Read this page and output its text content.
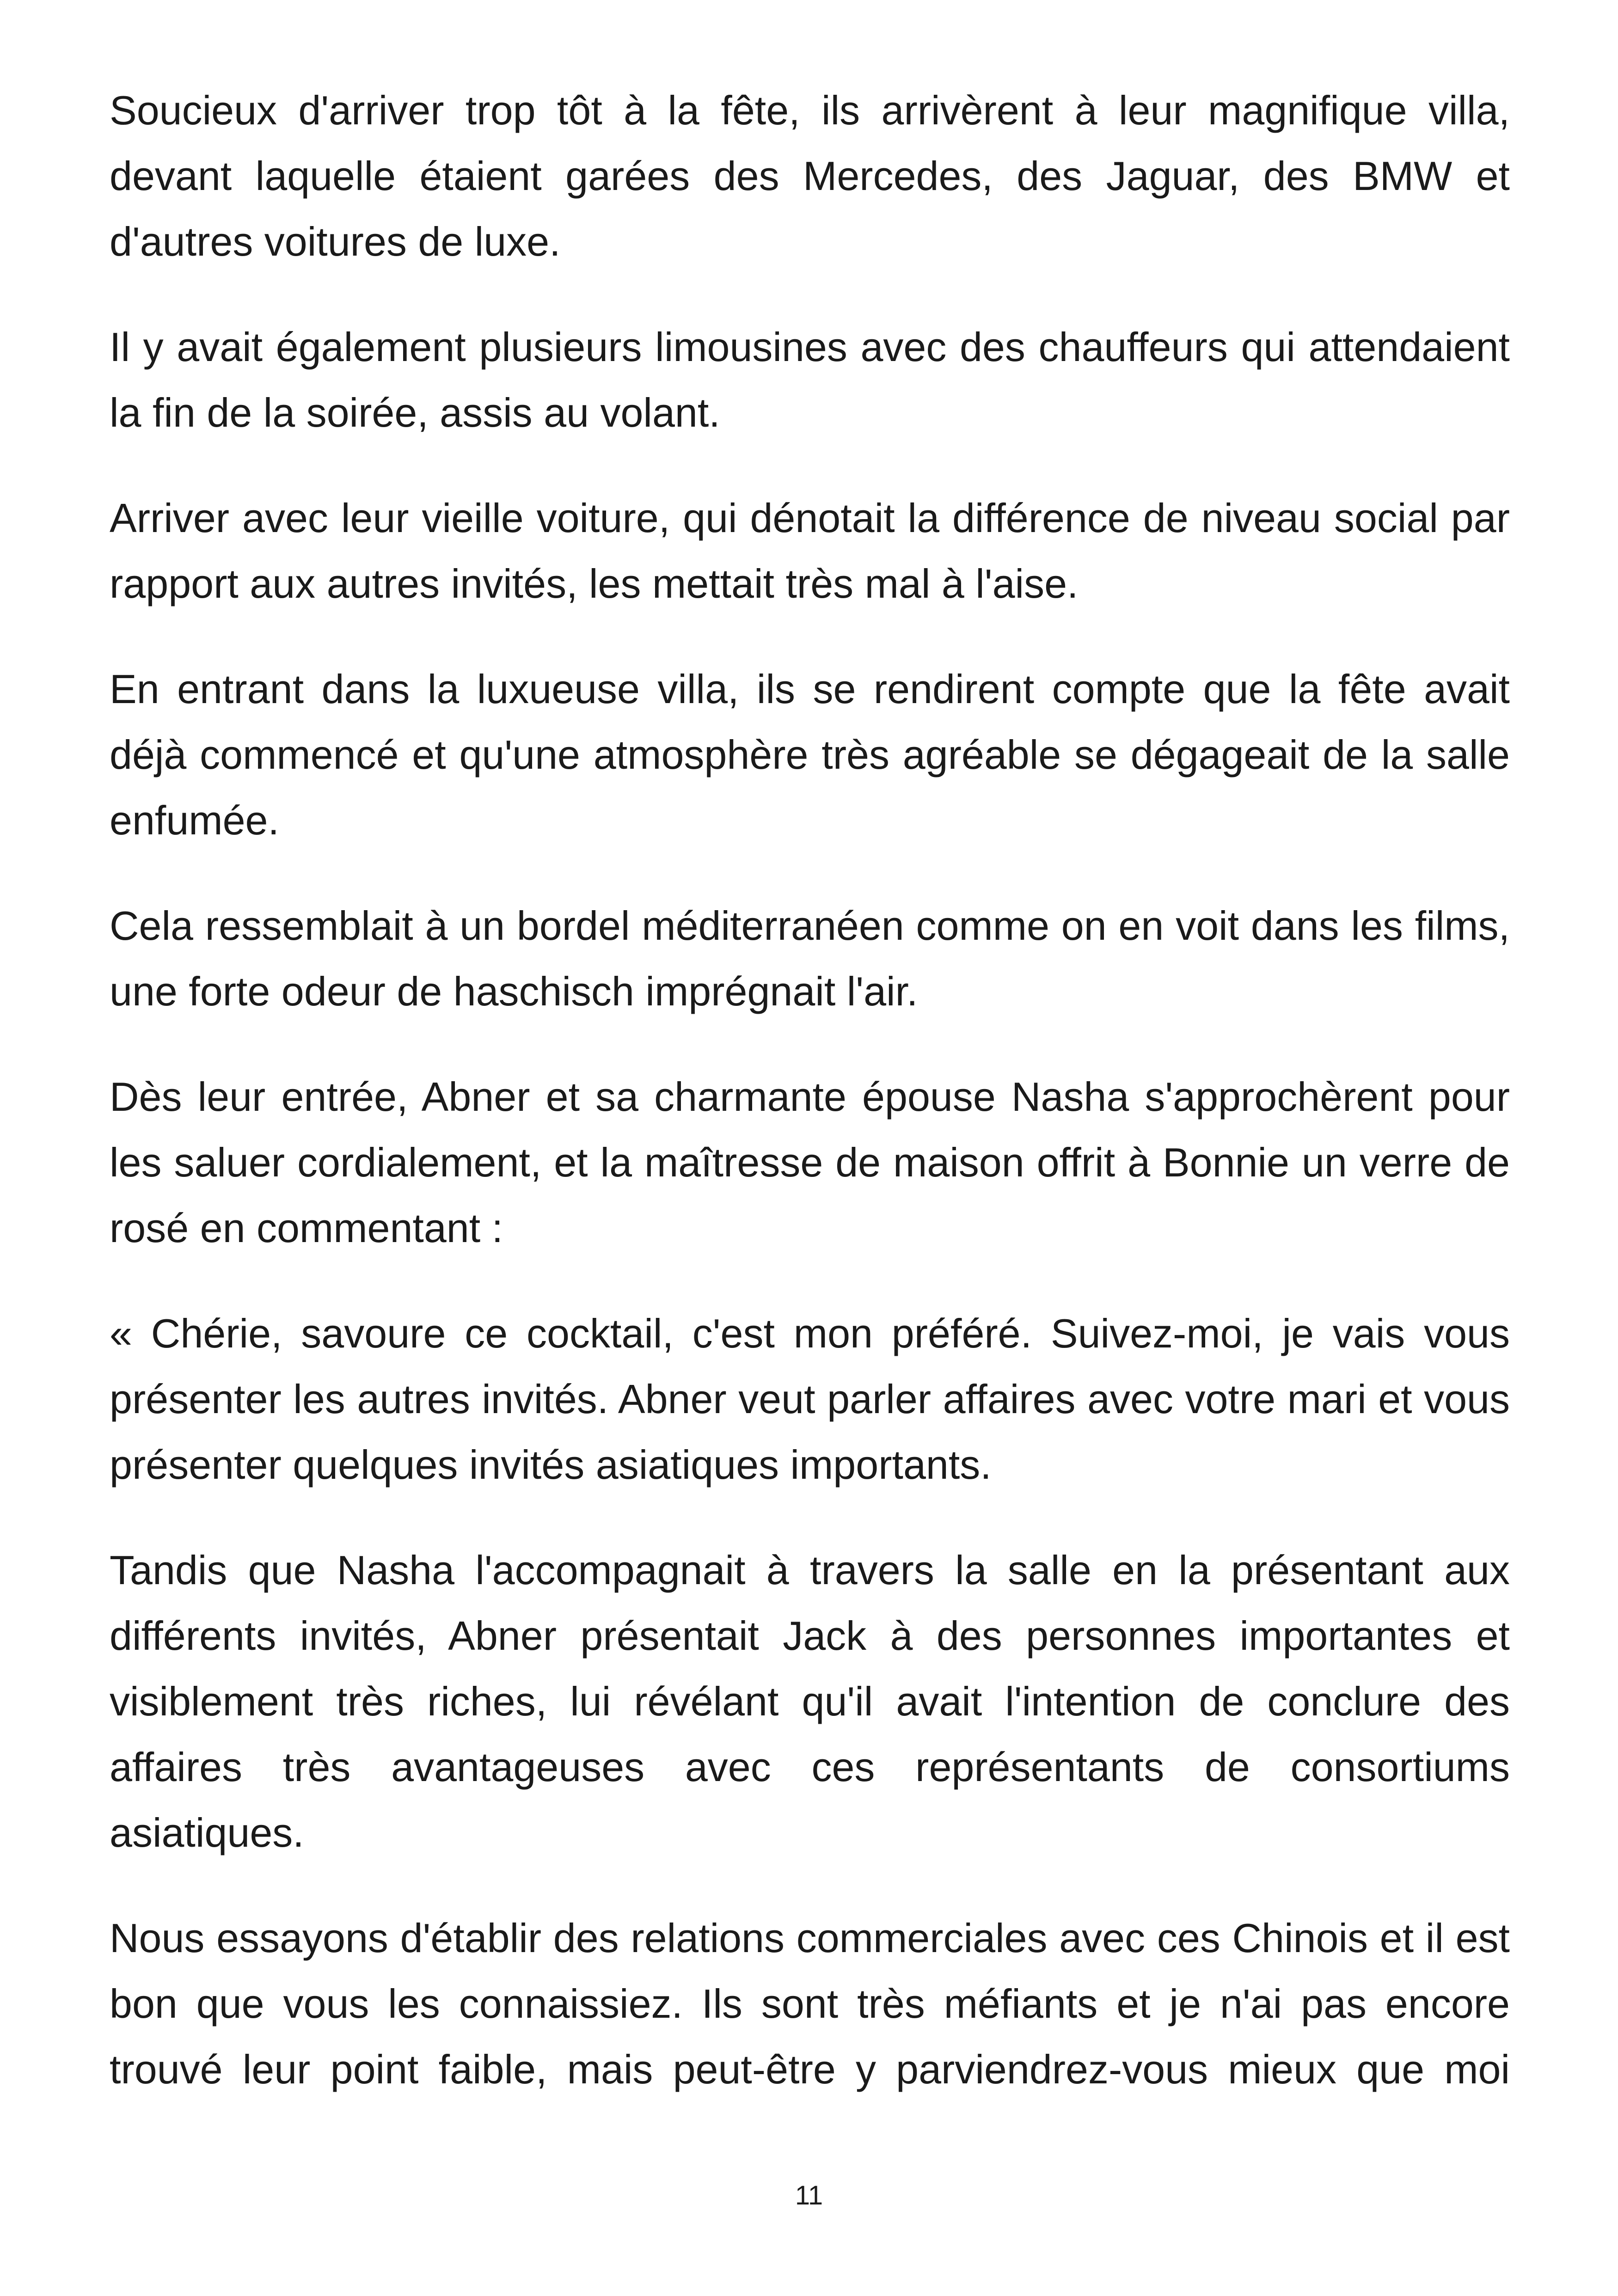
Soucieux d'arriver trop tôt à la fête, ils arrivèrent à leur magnifique villa, devant laquelle étaient garées des Mercedes, des Jaguar, des BMW et d'autres voitures de luxe.

Il y avait également plusieurs limousines avec des chauffeurs qui attendaient la fin de la soirée, assis au volant.

Arriver avec leur vieille voiture, qui dénotait la différence de niveau social par rapport aux autres invités, les mettait très mal à l'aise.

En entrant dans la luxueuse villa, ils se rendirent compte que la fête avait déjà commencé et qu'une atmosphère très agréable se dégageait de la salle enfumée.

Cela ressemblait à un bordel méditerranéen comme on en voit dans les films, une forte odeur de haschisch imprégnait l'air.

Dès leur entrée, Abner et sa charmante épouse Nasha s'approchèrent pour les saluer cordialement, et la maîtresse de maison offrit à Bonnie un verre de rosé en commentant :

« Chérie, savoure ce cocktail, c'est mon préféré. Suivez-moi, je vais vous présenter les autres invités. Abner veut parler affaires avec votre mari et vous présenter quelques invités asiatiques importants.

Tandis que Nasha l'accompagnait à travers la salle en la présentant aux différents invités, Abner présentait Jack à des personnes importantes et visiblement très riches, lui révélant qu'il avait l'intention de conclure des affaires très avantageuses avec ces représentants de consortiums asiatiques.

Nous essayons d'établir des relations commerciales avec ces Chinois et il est bon que vous les connaissiez. Ils sont très méfiants et je n'ai pas encore trouvé leur point faible, mais peut-être y parviendrez-vous mieux que moi

11
